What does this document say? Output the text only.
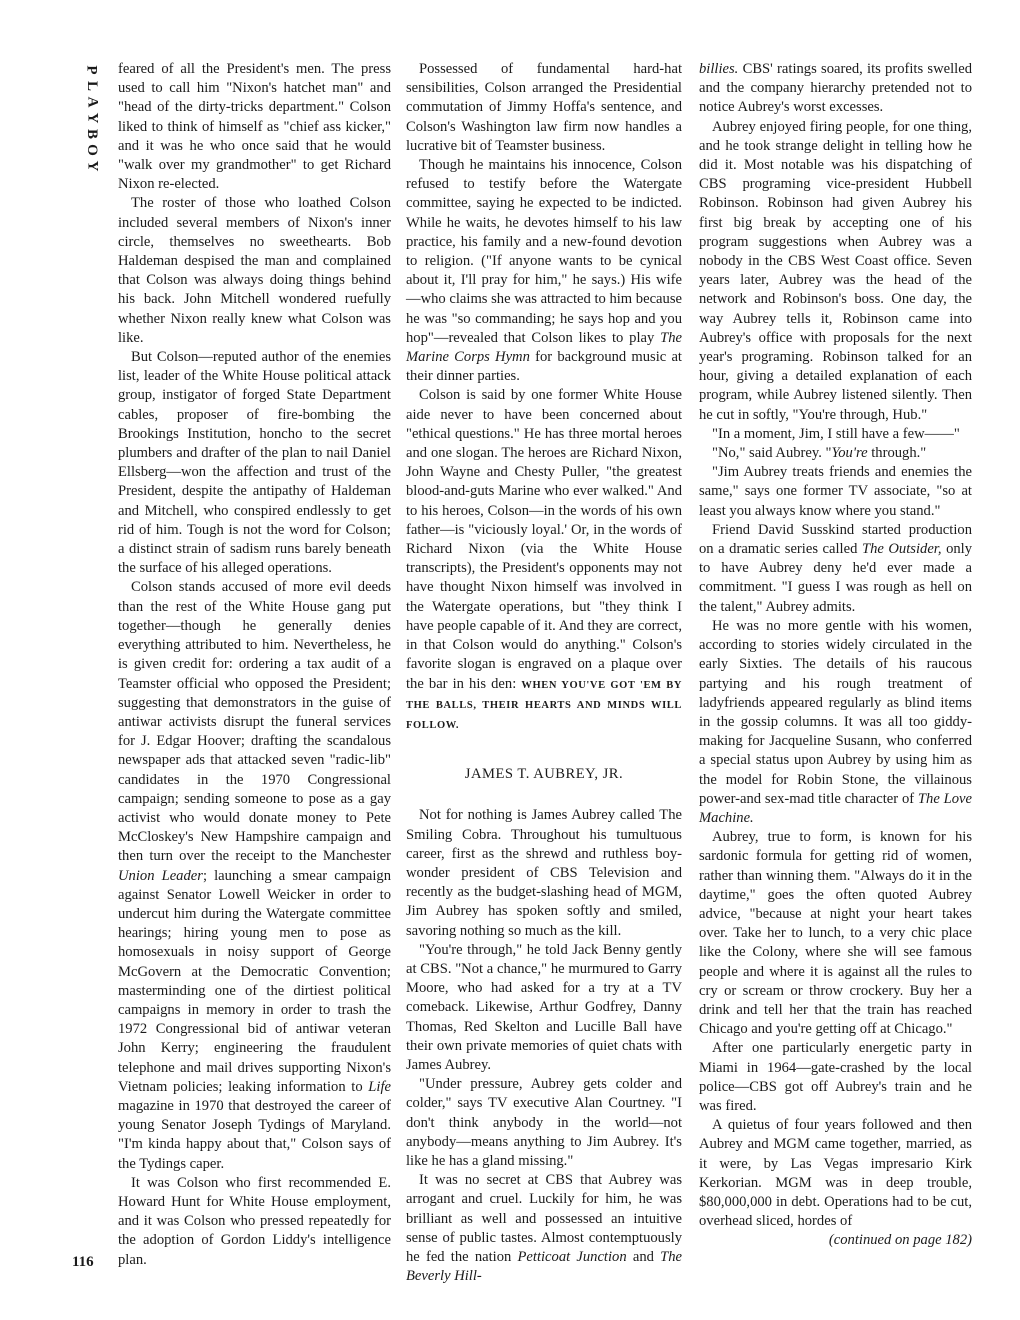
P
L
A
Y
B
O
Y
116

feared of all the President's men. The press used to call him "Nixon's hatchet man" and "head of the dirty-tricks department." Colson liked to think of himself as "chief ass kicker," and it was he who once said that he would "walk over my grandmother" to get Richard Nixon re-elected.

The roster of those who loathed Colson included several members of Nixon's inner circle, themselves no sweethearts. Bob Haldeman despised the man and complained that Colson was always doing things behind his back. John Mitchell wondered ruefully whether Nixon really knew what Colson was like.

But Colson—reputed author of the enemies list, leader of the White House political attack group, instigator of forged State Department cables, proposer of fire-bombing the Brookings Institution, honcho to the secret plumbers and drafter of the plan to nail Daniel Ellsberg—won the affection and trust of the President, despite the antipathy of Haldeman and Mitchell, who conspired endlessly to get rid of him. Tough is not the word for Colson; a distinct strain of sadism runs barely beneath the surface of his alleged operations.

Colson stands accused of more evil deeds than the rest of the White House gang put together—though he generally denies everything attributed to him. Nevertheless, he is given credit for: ordering a tax audit of a Teamster official who opposed the President; suggesting that demonstrators in the guise of antiwar activists disrupt the funeral services for J. Edgar Hoover; drafting the scandalous newspaper ads that attacked seven "radic-lib" candidates in the 1970 Congressional campaign; sending someone to pose as a gay activist who would donate money to Pete McCloskey's New Hampshire campaign and then turn over the receipt to the Manchester Union Leader; launching a smear campaign against Senator Lowell Weicker in order to undercut him during the Watergate committee hearings; hiring young men to pose as homosexuals in noisy support of George McGovern at the Democratic Convention; masterminding one of the dirtiest political campaigns in memory in order to trash the 1972 Congressional bid of antiwar veteran John Kerry; engineering the fraudulent telephone and mail drives supporting Nixon's Vietnam policies; leaking information to Life magazine in 1970 that destroyed the career of young Senator Joseph Tydings of Maryland. "I'm kinda happy about that," Colson says of the Tydings caper.

It was Colson who first recommended E. Howard Hunt for White House employment, and it was Colson who pressed repeatedly for the adoption of Gordon Liddy's intelligence plan.

Possessed of fundamental hard-hat sensibilities, Colson arranged the Presidential commutation of Jimmy Hoffa's sentence, and Colson's Washington law firm now handles a lucrative bit of Teamster business.

Though he maintains his innocence, Colson refused to testify before the Watergate committee, saying he expected to be indicted. While he waits, he devotes himself to his law practice, his family and a new-found devotion to religion. ("If anyone wants to be cynical about it, I'll pray for him," he says.) His wife—who claims she was attracted to him because he was "so commanding; he says hop and you hop"—revealed that Colson likes to play The Marine Corps Hymn for background music at their dinner parties.

Colson is said by one former White House aide never to have been concerned about "ethical questions." He has three mortal heroes and one slogan. The heroes are Richard Nixon, John Wayne and Chesty Puller, "the greatest blood-and-guts Marine who ever walked." And to his heroes, Colson—in the words of his own father—is "viciously loyal.' Or, in the words of Richard Nixon (via the White House transcripts), the President's opponents may not have thought Nixon himself was involved in the Watergate operations, but "they think I have people capable of it. And they are correct, in that Colson would do anything." Colson's favorite slogan is engraved on a plaque over the bar in his den: WHEN YOU'VE GOT 'EM BY THE BALLS, THEIR HEARTS AND MINDS WILL FOLLOW.

JAMES T. AUBREY, JR.

Not for nothing is James Aubrey called The Smiling Cobra. Throughout his tumultuous career, first as the shrewd and ruthless boy-wonder president of CBS Television and recently as the budget-slashing head of MGM, Jim Aubrey has spoken softly and smiled, savoring nothing so much as the kill.

"You're through," he told Jack Benny gently at CBS. "Not a chance," he murmured to Garry Moore, who had asked for a try at a TV comeback. Likewise, Arthur Godfrey, Danny Thomas, Red Skelton and Lucille Ball have their own private memories of quiet chats with James Aubrey.

"Under pressure, Aubrey gets colder and colder," says TV executive Alan Courtney. "I don't think anybody in the world—not anybody—means anything to Jim Aubrey. It's like he has a gland missing."

It was no secret at CBS that Aubrey was arrogant and cruel. Luckily for him, he was brilliant as well and possessed an intuitive sense of public tastes. Almost contemptuously he fed the nation Petticoat Junction and The Beverly Hill-

billies. CBS' ratings soared, its profits swelled and the company hierarchy pretended not to notice Aubrey's worst excesses.

Aubrey enjoyed firing people, for one thing, and he took strange delight in telling how he did it. Most notable was his dispatching of CBS programing vice-president Hubbell Robinson. Robinson had given Aubrey his first big break by accepting one of his program suggestions when Aubrey was a nobody in the CBS West Coast office. Seven years later, Aubrey was the head of the network and Robinson's boss. One day, the way Aubrey tells it, Robinson came into Aubrey's office with proposals for the next year's programing. Robinson talked for an hour, giving a detailed explanation of each program, while Aubrey listened silently. Then he cut in softly, "You're through, Hub."

"In a moment, Jim, I still have a few——"

"No," said Aubrey. "You're through."

"Jim Aubrey treats friends and enemies the same," says one former TV associate, "so at least you always know where you stand."

Friend David Susskind started production on a dramatic series called The Outsider, only to have Aubrey deny he'd ever made a commitment. "I guess I was rough as hell on the talent," Aubrey admits.

He was no more gentle with his women, according to stories widely circulated in the early Sixties. The details of his raucous partying and his rough treatment of ladyfriends appeared regularly as blind items in the gossip columns. It was all too giddy-making for Jacqueline Susann, who conferred a special status upon Aubrey by using him as the model for Robin Stone, the villainous power-and sex-mad title character of The Love Machine.

Aubrey, true to form, is known for his sardonic formula for getting rid of women, rather than winning them. "Always do it in the daytime," goes the often quoted Aubrey advice, "because at night your heart takes over. Take her to lunch, to a very chic place like the Colony, where she will see famous people and where it is against all the rules to cry or scream or throw crockery. Buy her a drink and tell her that the train has reached Chicago and you're getting off at Chicago."

After one particularly energetic party in Miami in 1964—gate-crashed by the local police—CBS got off Aubrey's train and he was fired.

A quietus of four years followed and then Aubrey and MGM came together, married, as it were, by Las Vegas impresario Kirk Kerkorian. MGM was in deep trouble, $80,000,000 in debt. Operations had to be cut, overhead sliced, hordes of

(continued on page 182)
